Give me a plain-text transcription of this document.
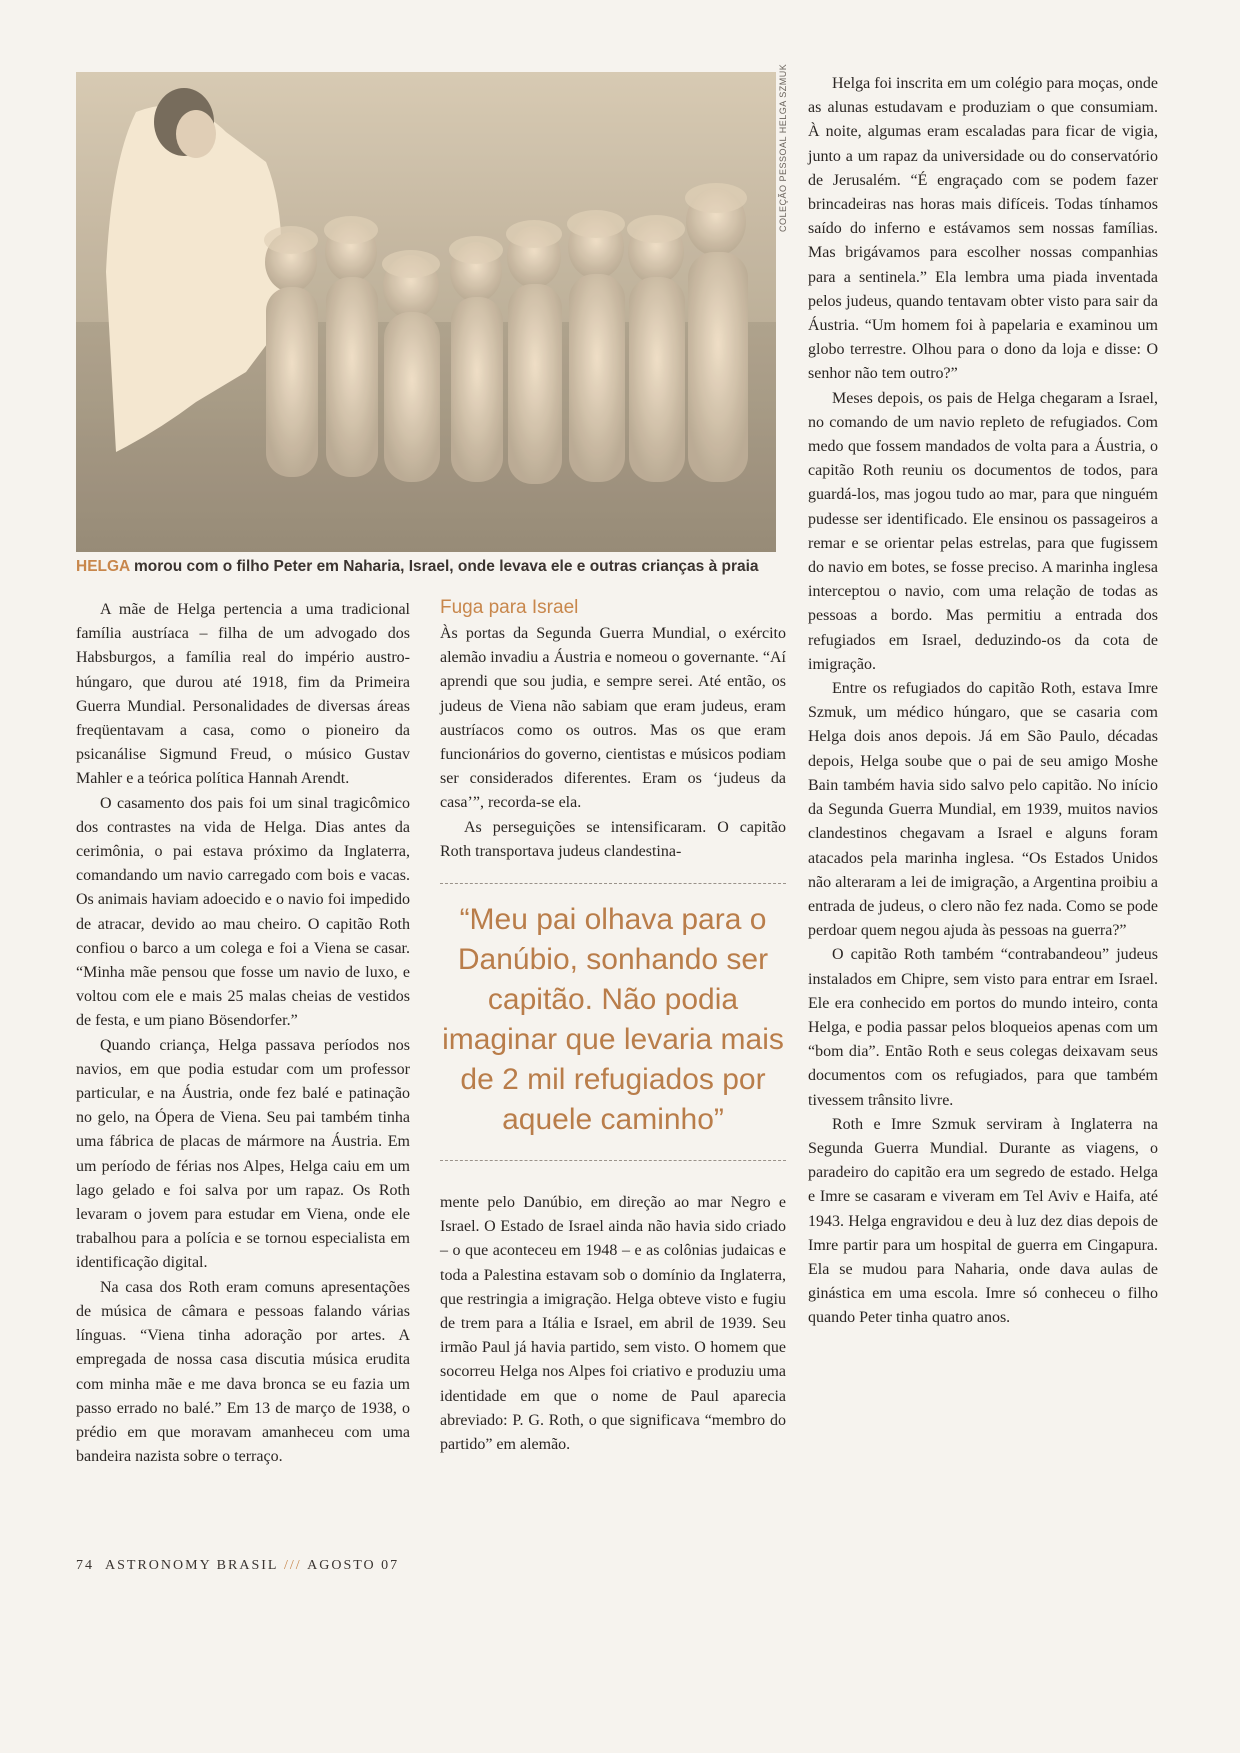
COLEÇÃO PESSOAL HELGA SZMUK
HELGA morou com o filho Peter em Naharia, Israel, onde levava ele e outras crianças à praia

A mãe de Helga pertencia a uma tradicional família austríaca – filha de um advogado dos Habsburgos, a família real do império austro-húngaro, que durou até 1918, fim da Primeira Guerra Mundial. Personalidades de diversas áreas freqüentavam a casa, como o pioneiro da psicanálise Sigmund Freud, o músico Gustav Mahler e a teórica política Hannah Arendt.

O casamento dos pais foi um sinal tragicômico dos contrastes na vida de Helga. Dias antes da cerimônia, o pai estava próximo da Inglaterra, comandando um navio carregado com bois e vacas. Os animais haviam adoecido e o navio foi impedido de atracar, devido ao mau cheiro. O capitão Roth confiou o barco a um colega e foi a Viena se casar. “Minha mãe pensou que fosse um navio de luxo, e voltou com ele e mais 25 malas cheias de vestidos de festa, e um piano Bösendorfer.”

Quando criança, Helga passava períodos nos navios, em que podia estudar com um professor particular, e na Áustria, onde fez balé e patinação no gelo, na Ópera de Viena. Seu pai também tinha uma fábrica de placas de mármore na Áustria. Em um período de férias nos Alpes, Helga caiu em um lago gelado e foi salva por um rapaz. Os Roth levaram o jovem para estudar em Viena, onde ele trabalhou para a polícia e se tornou especialista em identificação digital.

Na casa dos Roth eram comuns apresentações de música de câmara e pessoas falando várias línguas. “Viena tinha adoração por artes. A empregada de nossa casa discutia música erudita com minha mãe e me dava bronca se eu fazia um passo errado no balé.” Em 13 de março de 1938, o prédio em que moravam amanheceu com uma bandeira nazista sobre o terraço.

Fuga para Israel

Às portas da Segunda Guerra Mundial, o exército alemão invadiu a Áustria e nomeou o governante. “Aí aprendi que sou judia, e sempre serei. Até então, os judeus de Viena não sabiam que eram judeus, eram austríacos como os outros. Mas os que eram funcionários do governo, cientistas e músicos podiam ser considerados diferentes. Eram os ‘judeus da casa’”, recorda-se ela.

As perseguições se intensificaram. O capitão Roth transportava judeus clandestina-

“Meu pai olhava para o Danúbio, sonhando ser capitão. Não podia imaginar que levaria mais de 2 mil refugiados por aquele caminho”

mente pelo Danúbio, em direção ao mar Negro e Israel. O Estado de Israel ainda não havia sido criado – o que aconteceu em 1948 – e as colônias judaicas e toda a Palestina estavam sob o domínio da Inglaterra, que restringia a imigração. Helga obteve visto e fugiu de trem para a Itália e Israel, em abril de 1939. Seu irmão Paul já havia partido, sem visto. O homem que socorreu Helga nos Alpes foi criativo e produziu uma identidade em que o nome de Paul aparecia abreviado: P. G. Roth, o que significava “membro do partido” em alemão.

Helga foi inscrita em um colégio para moças, onde as alunas estudavam e produziam o que consumiam. À noite, algumas eram escaladas para ficar de vigia, junto a um rapaz da universidade ou do conservatório de Jerusalém. “É engraçado com se podem fazer brincadeiras nas horas mais difíceis. Todas tínhamos saído do inferno e estávamos sem nossas famílias. Mas brigávamos para escolher nossas companhias para a sentinela.” Ela lembra uma piada inventada pelos judeus, quando tentavam obter visto para sair da Áustria. “Um homem foi à papelaria e examinou um globo terrestre. Olhou para o dono da loja e disse: O senhor não tem outro?”

Meses depois, os pais de Helga chegaram a Israel, no comando de um navio repleto de refugiados. Com medo que fossem mandados de volta para a Áustria, o capitão Roth reuniu os documentos de todos, para guardá-los, mas jogou tudo ao mar, para que ninguém pudesse ser identificado. Ele ensinou os passageiros a remar e se orientar pelas estrelas, para que fugissem do navio em botes, se fosse preciso. A marinha inglesa interceptou o navio, com uma relação de todas as pessoas a bordo. Mas permitiu a entrada dos refugiados em Israel, deduzindo-os da cota de imigração.

Entre os refugiados do capitão Roth, estava Imre Szmuk, um médico húngaro, que se casaria com Helga dois anos depois. Já em São Paulo, décadas depois, Helga soube que o pai de seu amigo Moshe Bain também havia sido salvo pelo capitão. No início da Segunda Guerra Mundial, em 1939, muitos navios clandestinos chegavam a Israel e alguns foram atacados pela marinha inglesa. “Os Estados Unidos não alteraram a lei de imigração, a Argentina proibiu a entrada de judeus, o clero não fez nada. Como se pode perdoar quem negou ajuda às pessoas na guerra?”

O capitão Roth também “contrabandeou” judeus instalados em Chipre, sem visto para entrar em Israel. Ele era conhecido em portos do mundo inteiro, conta Helga, e podia passar pelos bloqueios apenas com um “bom dia”. Então Roth e seus colegas deixavam seus documentos com os refugiados, para que também tivessem trânsito livre.

Roth e Imre Szmuk serviram à Inglaterra na Segunda Guerra Mundial. Durante as viagens, o paradeiro do capitão era um segredo de estado. Helga e Imre se casaram e viveram em Tel Aviv e Haifa, até 1943. Helga engravidou e deu à luz dez dias depois de Imre partir para um hospital de guerra em Cingapura. Ela se mudou para Naharia, onde dava aulas de ginástica em uma escola. Imre só conheceu o filho quando Peter tinha quatro anos.

74 ASTRONOMY BRASIL /// AGOSTO 07
